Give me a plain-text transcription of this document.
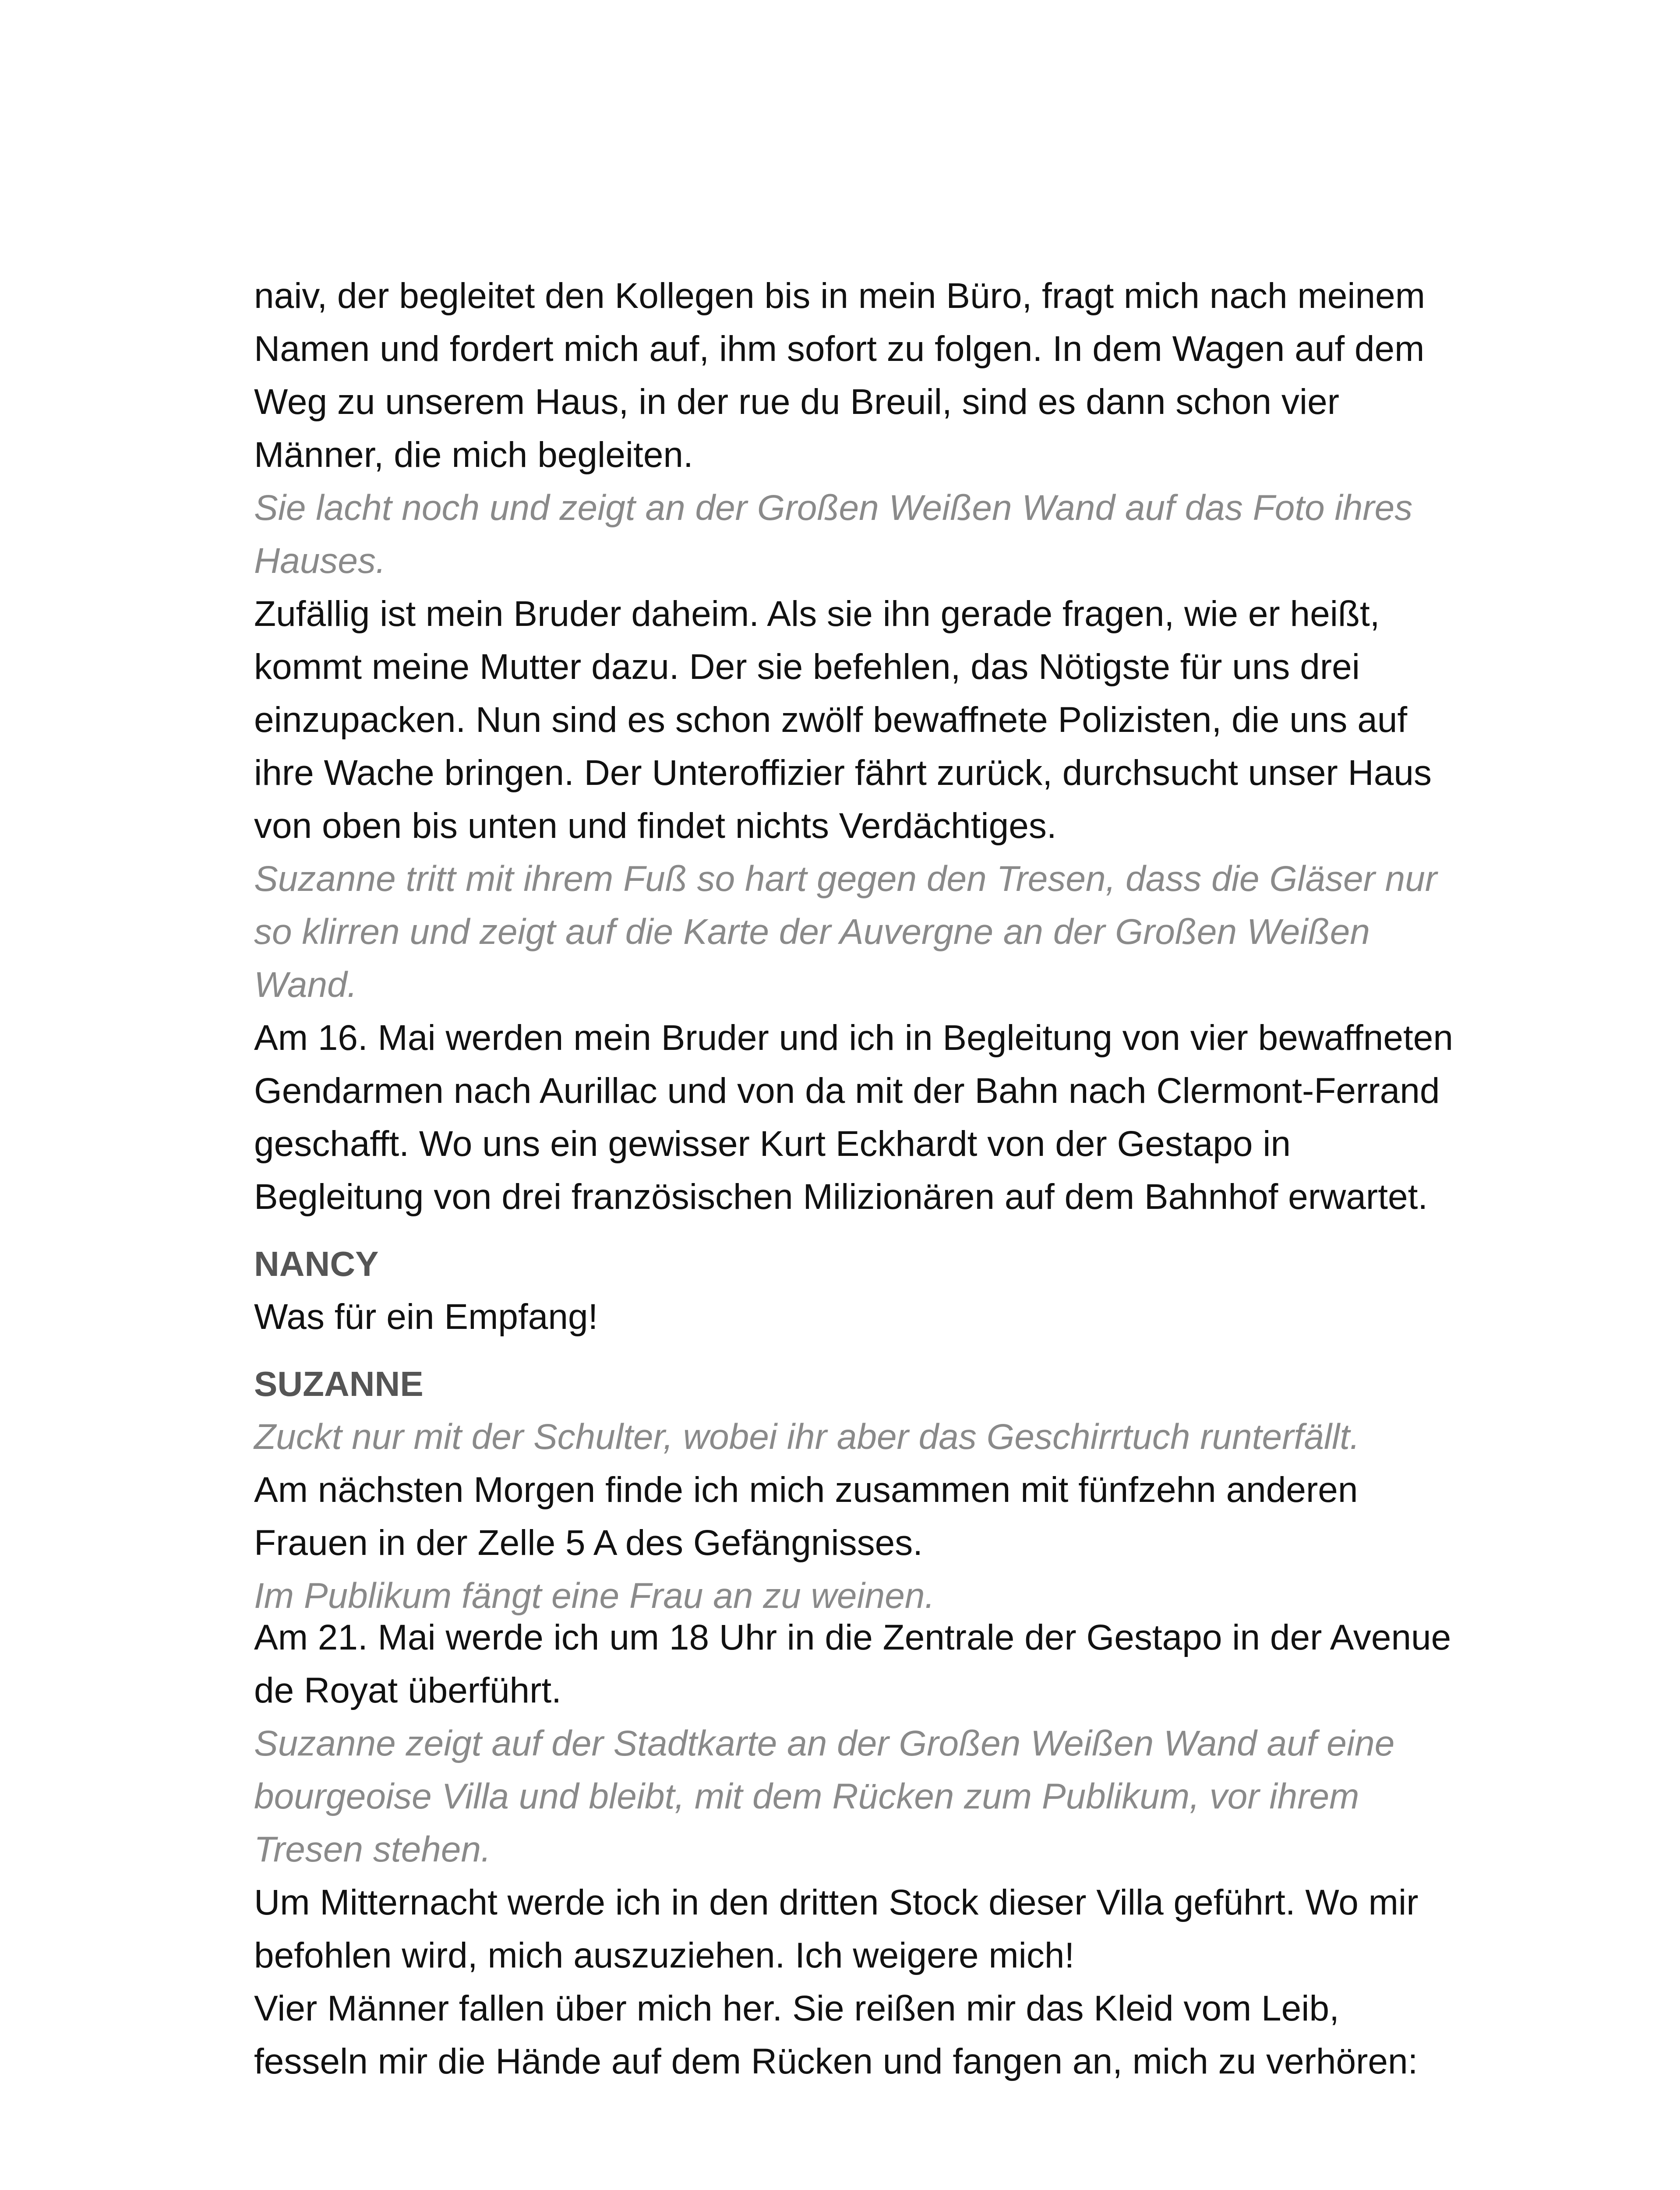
naiv, der begleitet den Kollegen bis in mein Büro, fragt mich nach meinem Namen und fordert mich auf, ihm sofort zu folgen. In dem Wagen auf dem Weg zu unserem Haus, in der rue du Breuil, sind es dann schon vier Männer, die mich begleiten.

Sie lacht noch und zeigt an der Großen Weißen Wand auf das Foto ihres Hauses.

Zufällig ist mein Bruder daheim. Als sie ihn gerade fragen, wie er heißt, kommt meine Mutter dazu. Der sie befehlen, das Nötigste für uns drei einzupacken. Nun sind es schon zwölf bewaffnete Polizisten, die uns auf ihre Wache bringen. Der Unteroffizier fährt zurück, durchsucht unser Haus von oben bis unten und findet nichts Verdächtiges.

Suzanne tritt mit ihrem Fuß so hart gegen den Tresen, dass die Gläser nur so klirren und zeigt auf die Karte der Auvergne an der Großen Weißen Wand.

Am 16. Mai werden mein Bruder und ich in Begleitung von vier bewaffneten Gendarmen nach Aurillac und von da mit der Bahn nach Clermont-Ferrand geschafft. Wo uns ein gewisser Kurt Eckhardt von der Gestapo in Begleitung von drei französischen Milizionären auf dem Bahnhof erwartet.

NANCY

Was für ein Empfang!

SUZANNE

Zuckt nur mit der Schulter, wobei ihr aber das Geschirrtuch runterfällt.

Am nächsten Morgen finde ich mich zusammen mit fünfzehn anderen Frauen in der Zelle 5 A des Gefängnisses.

Im Publikum fängt eine Frau an zu weinen.

Am 21. Mai werde ich um 18 Uhr in die Zentrale der Gestapo in der Avenue de Royat überführt.

Suzanne zeigt auf der Stadtkarte an der Großen Weißen Wand auf eine bourgeoise Villa und bleibt, mit dem Rücken zum Publikum, vor ihrem Tresen stehen.

Um Mitternacht werde ich in den dritten Stock dieser Villa geführt. Wo mir befohlen wird, mich auszuziehen. Ich weigere mich!

Vier Männer fallen über mich her. Sie reißen mir das Kleid vom Leib, fesseln mir die Hände auf dem Rücken und fangen an, mich zu verhören:
